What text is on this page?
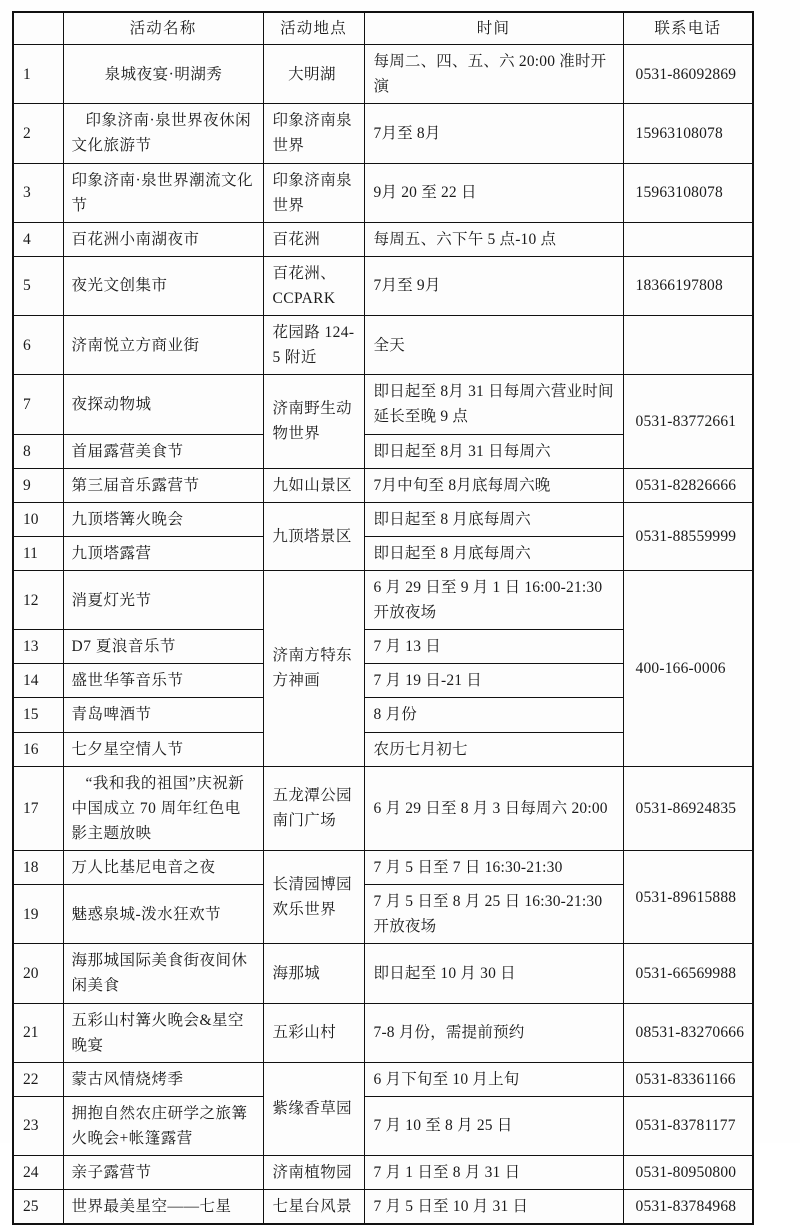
	活动名称	活动地点	时间	联系电话

1	泉城夜宴·明湖秀	大明湖	每周二、四、五、六 20:00 准时开演	0531-86092869

2	印象济南·泉世界夜休闲文化旅游节	印象济南泉世界	7月至 8月	15963108078

3	印象济南·泉世界潮流文化节	印象济南泉世界	9月 20 至 22 日	15963108078

4	百花洲小南湖夜市	百花洲	每周五、六下午 5 点-10 点	

5	夜光文创集市	百花洲、CCPARK	7月至 9月	18366197808

6	济南悦立方商业街	花园路 124-5 附近	全天	

7	夜探动物城	济南野生动物世界	即日起至 8月 31 日每周六营业时间延长至晚 9 点	0531-83772661

8	首届露营美食节		即日起至 8月 31 日每周六	

9	第三届音乐露营节	九如山景区	7月中旬至 8月底每周六晚	0531-82826666

10	九顶塔篝火晚会	九顶塔景区	即日起至 8 月底每周六	0531-88559999

11	九顶塔露营		即日起至 8 月底每周六	

12	消夏灯光节	济南方特东方神画	6 月 29 日至 9 月 1 日 16:00-21:30 开放夜场	400-166-0006

13	D7 夏浪音乐节		7 月 13 日	

14	盛世华筝音乐节		7 月 19 日-21 日	

15	青岛啤酒节		8 月份	

16	七夕星空情人节		农历七月初七	

17	“我和我的祖国”庆祝新中国成立 70 周年红色电影主题放映	五龙潭公园南门广场	6 月 29 日至 8 月 3 日每周六 20:00	0531-86924835

18	万人比基尼电音之夜	长清园博园欢乐世界	7 月 5 日至 7 日 16:30-21:30	0531-89615888

19	魅惑泉城-泼水狂欢节		7 月 5 日至 8 月 25 日 16:30-21:30 开放夜场	

20	海那城国际美食街夜间休闲美食	海那城	即日起至 10 月 30 日	0531-66569988

21	五彩山村篝火晚会&星空晚宴	五彩山村	7-8 月份，需提前预约	08531-83270666

22	蒙古风情烧烤季	紫缘香草园	6 月下旬至 10 月上旬	0531-83361166

23	拥抱自然农庄研学之旅篝火晚会+帐篷露营		7 月 10 至 8 月 25 日	0531-83781177

24	亲子露营节	济南植物园	7 月 1 日至 8 月 31 日	0531-80950800

25	世界最美星空——七星	七星台风景	7 月 5 日至 10 月 31 日	0531-83784968
